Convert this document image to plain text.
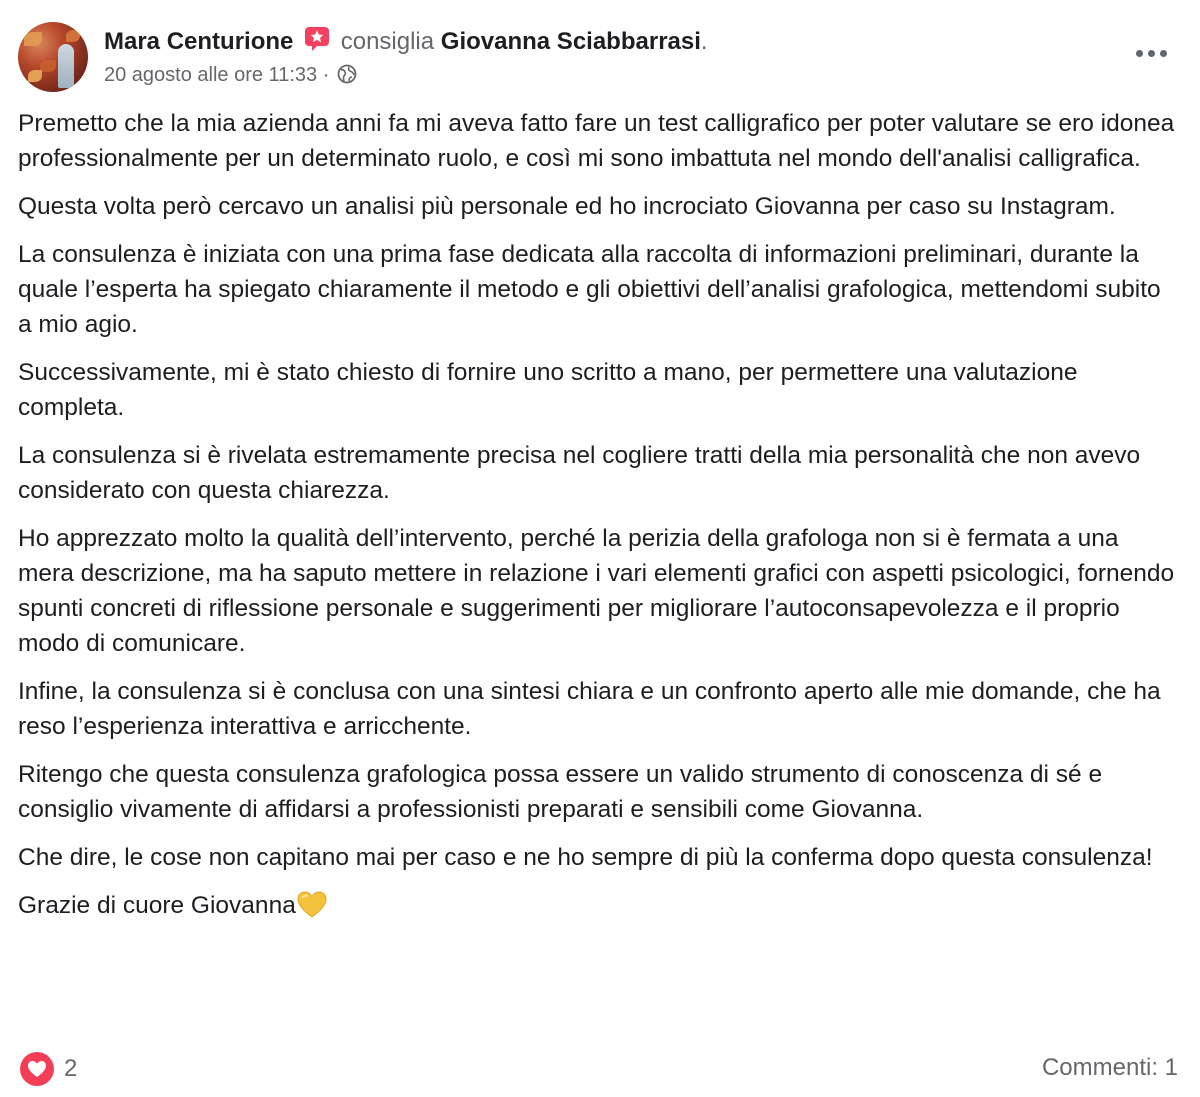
Mara Centurione consiglia Giovanna Sciabbarrasi.
20 agosto alle ore 11:33 ·

Premetto che la mia azienda anni fa mi aveva fatto fare un test calligrafico per poter valutare se ero idonea professionalmente per un determinato ruolo, e così mi sono imbattuta nel mondo dell'analisi calligrafica.

Questa volta però cercavo un analisi più personale ed ho incrociato Giovanna per caso su Instagram.

La consulenza è iniziata con una prima fase dedicata alla raccolta di informazioni preliminari, durante la quale l’esperta ha spiegato chiaramente il metodo e gli obiettivi dell’analisi grafologica, mettendomi subito a mio agio.

Successivamente, mi è stato chiesto di fornire uno scritto a mano, per permettere una valutazione completa.

La consulenza si è rivelata estremamente precisa nel cogliere tratti della mia personalità che non avevo considerato con questa chiarezza.

Ho apprezzato molto la qualità dell’intervento, perché la perizia della grafologa non si è fermata a una mera descrizione, ma ha saputo mettere in relazione i vari elementi grafici con aspetti psicologici, fornendo spunti concreti di riflessione personale e suggerimenti per migliorare l’autoconsapevolezza e il proprio modo di comunicare.

Infine, la consulenza si è conclusa con una sintesi chiara e un confronto aperto alle mie domande, che ha reso l’esperienza interattiva e arricchente.

Ritengo che questa consulenza grafologica possa essere un valido strumento di conoscenza di sé e consiglio vivamente di affidarsi a professionisti preparati e sensibili come Giovanna.

Che dire, le cose non capitano mai per caso e ne ho sempre di più la conferma dopo questa consulenza!

Grazie di cuore Giovanna

2	Commenti: 1
